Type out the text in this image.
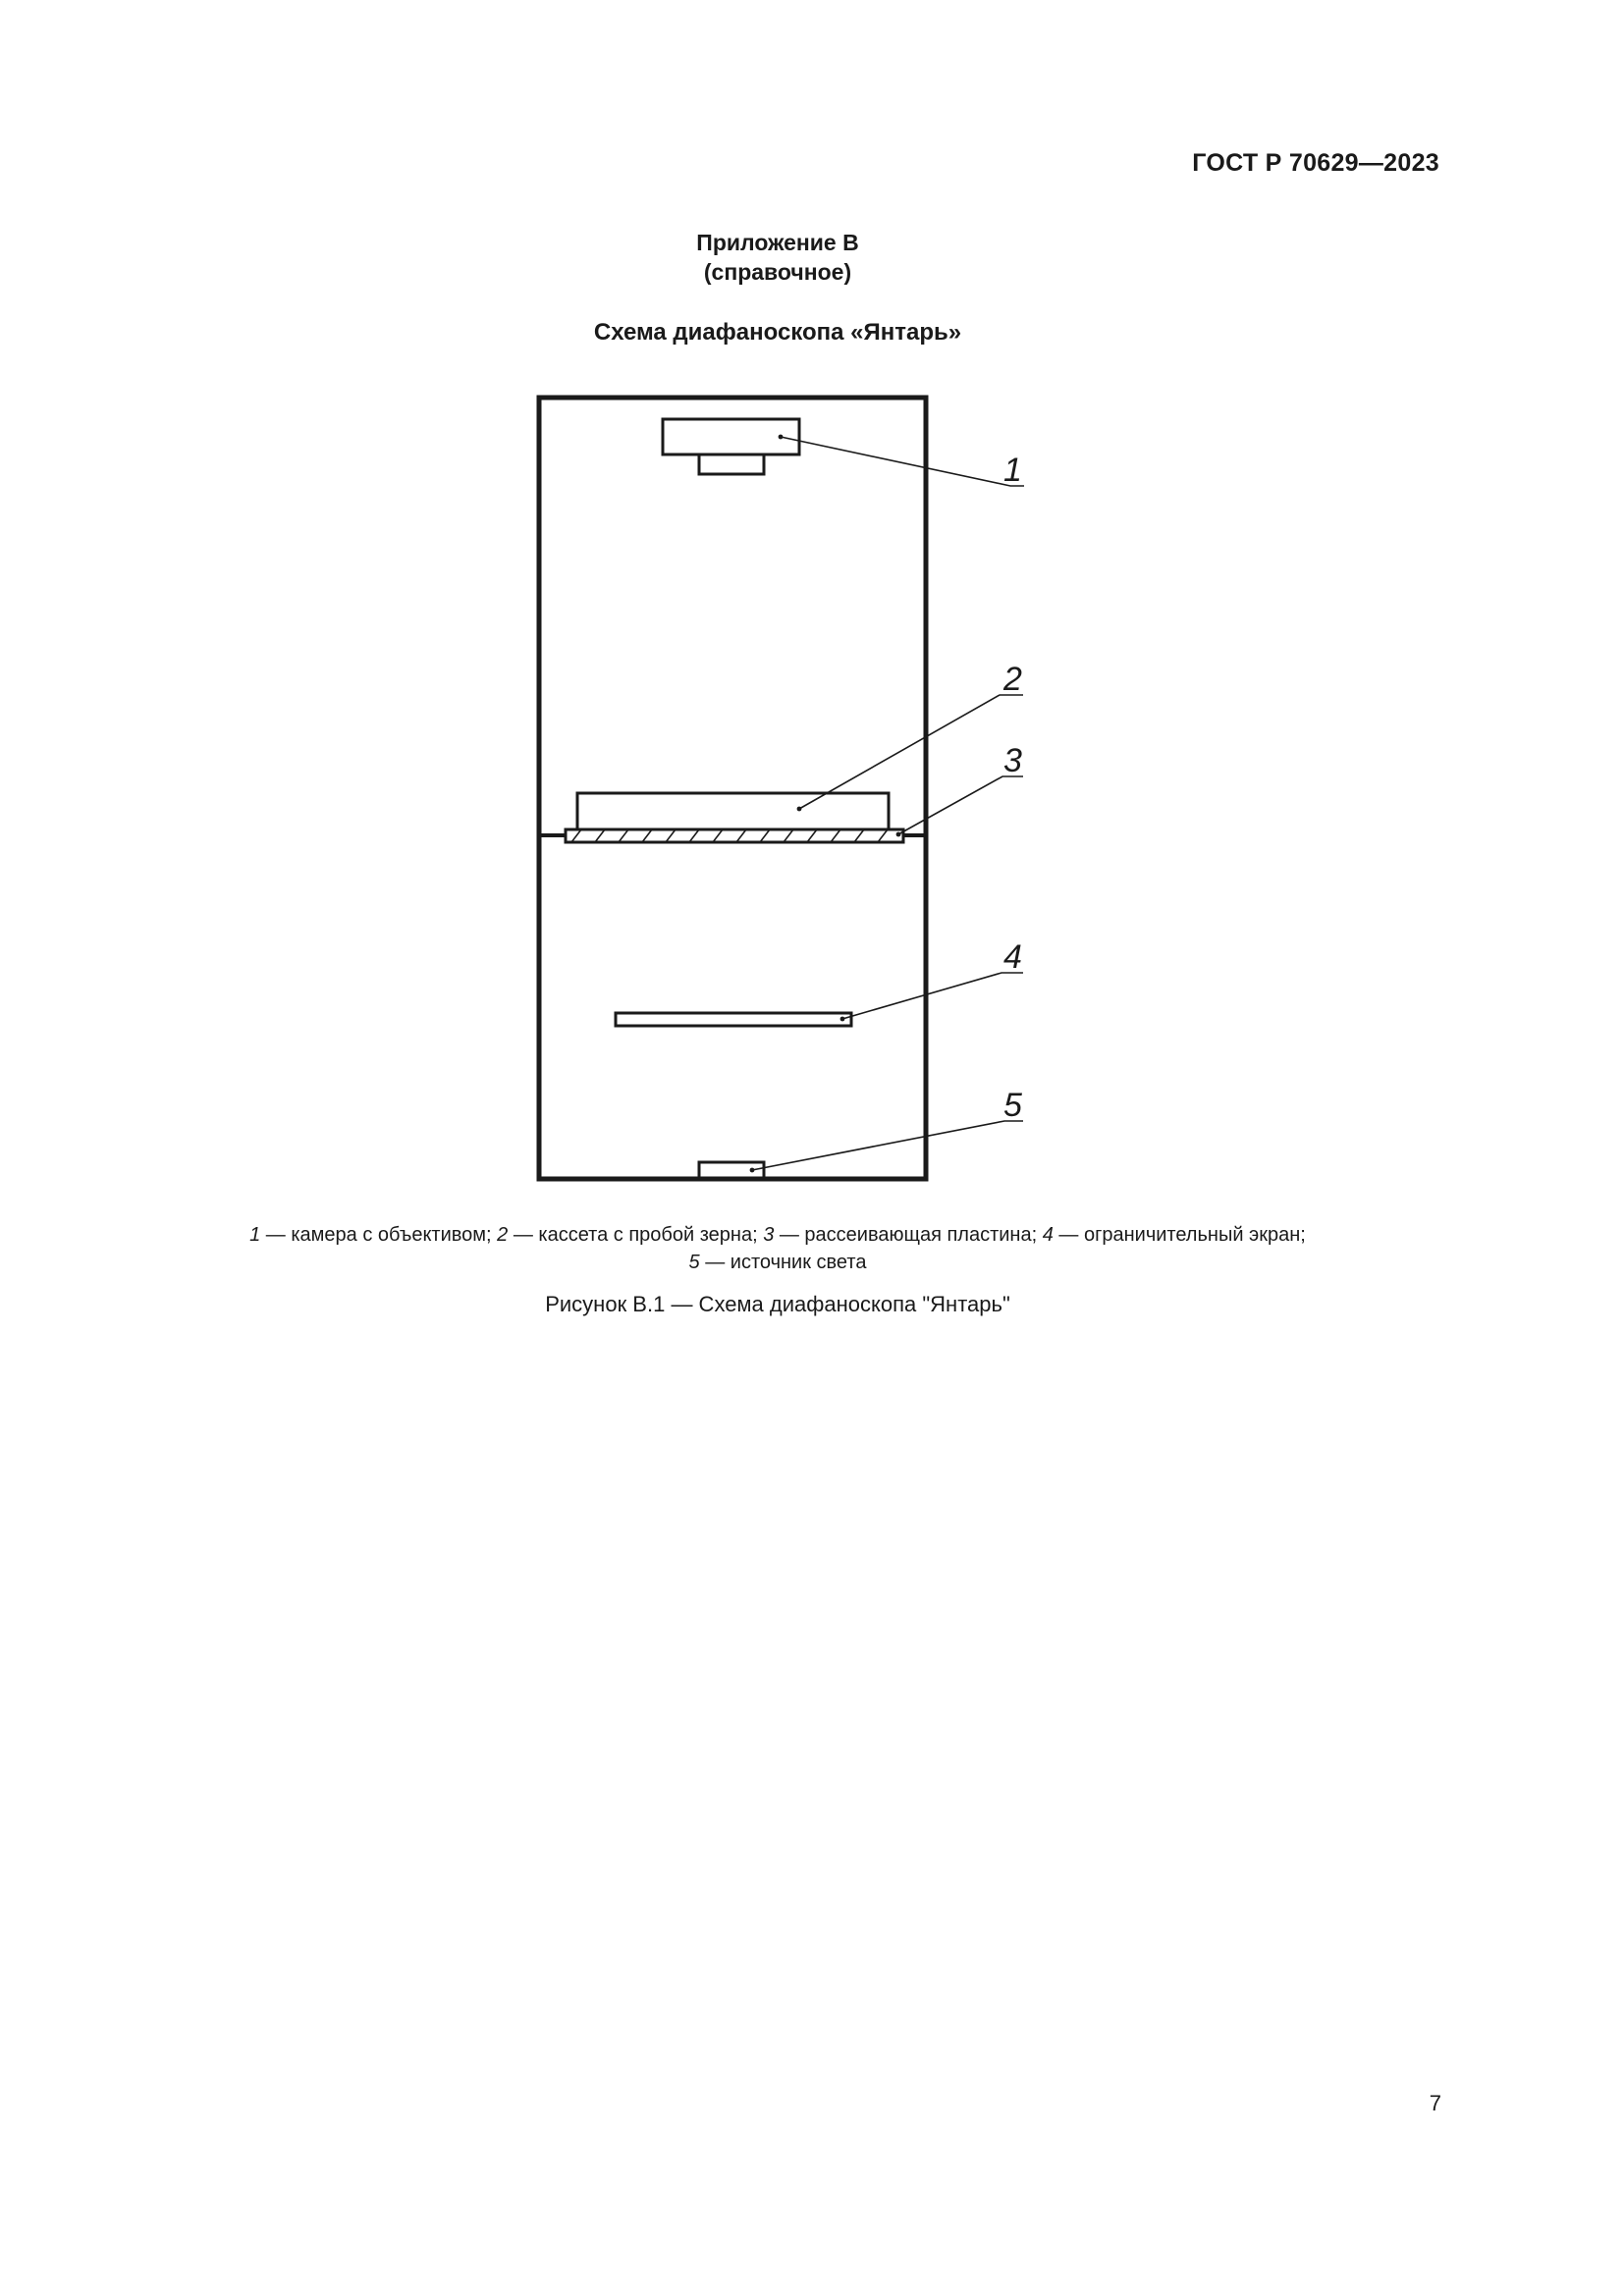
ГОСТ Р 70629—2023
Приложение В
(справочное)
Схема диафаноскопа «Янтарь»
1
2
3
4
5
1 — камера с объективом; 2 — кассета с пробой зерна; 3 — рассеивающая пластина; 4 — ограничительный экран;
5 — источник света
Рисунок В.1 — Схема диафаноскопа "Янтарь"
7
